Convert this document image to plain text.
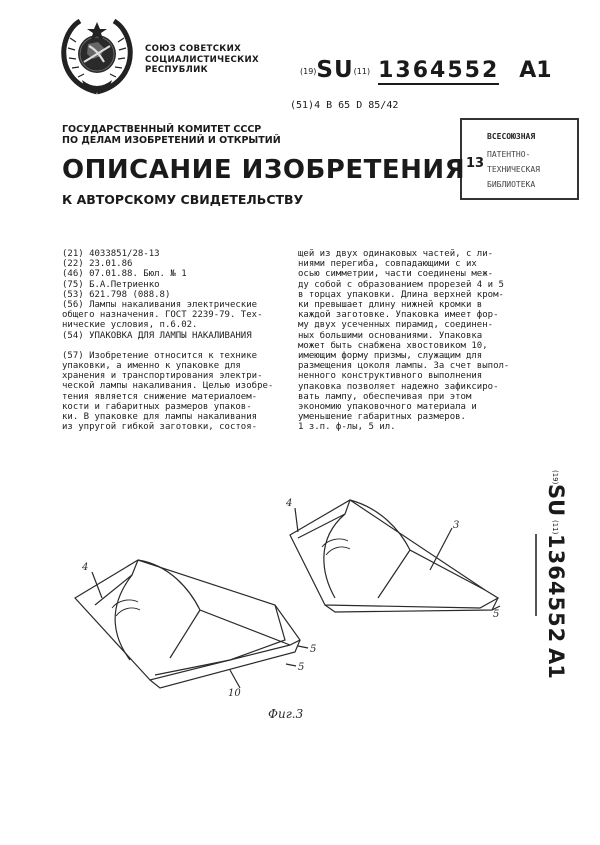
СОЮЗ СОВЕТСКИХ
СОЦИАЛИСТИЧЕСКИХ
РЕСПУБЛИК	(19)SU(11) 1364552 A1
(51)4 В 65 D 85/42
ГОСУДАРСТВЕННЫЙ КОМИТЕТ СССР
ПО ДЕЛАМ ИЗОБРЕТЕНИЙ И ОТКРЫТИЙ
13
ВСЕСОЮЗНАЯ
ПАТЕНТНО-
ТЕХНИЧЕСКАЯ
БИБЛИОТЕКА
ОПИСАНИЕ ИЗОБРЕТЕНИЯ
К АВТОРСКОМУ СВИДЕТЕЛЬСТВУ
(21) 4033851/28-13
(22) 23.01.86
(46) 07.01.88. Бюл. № 1
(75) Б.А.Петриенко
(53) 621.798 (088.8)
(56) Лампы накаливания электрические
общего назначения. ГОСТ 2239-79. Тех-
нические условия, п.6.02.
(54) УПАКОВКА ДЛЯ ЛАМПЫ НАКАЛИВАНИЯ
(57) Изобретение относится к технике
упаковки, а именно к упаковке для
хранения и транспортирования электри-
ческой лампы накаливания. Целью изобре-
тения является снижение материалоем-
кости и габаритных размеров упаков-
ки. В упаковке для лампы накаливания
из упругой гибкой заготовки, состоя-
щей из двух одинаковых частей, с ли-
ниями перегиба, совпадающими с их
осью симметрии, части соединены меж-
ду собой с образованием прорезей 4 и 5
в торцах упаковки. Длина верхней кром-
ки превышает длину нижней кромки в
каждой заготовке. Упаковка имеет фор-
му двух усеченных пирамид, соединен-
ных большими основаниями. Упаковка
может быть снабжена хвостовиком 10,
имеющим форму призмы, служащим для
размещения цоколя лампы. За счет выпол-
ненного конструктивного выполнения
упаковка позволяет надежно зафиксиро-
вать лампу, обеспечивая при этом
экономию упаковочного материала и
уменьшение габаритных размеров.
1 з.п. ф-лы, 5 ил.
(19)
SU
(11)
1364552
A1
4
4
3
5
5
5
10
Фиг.3
